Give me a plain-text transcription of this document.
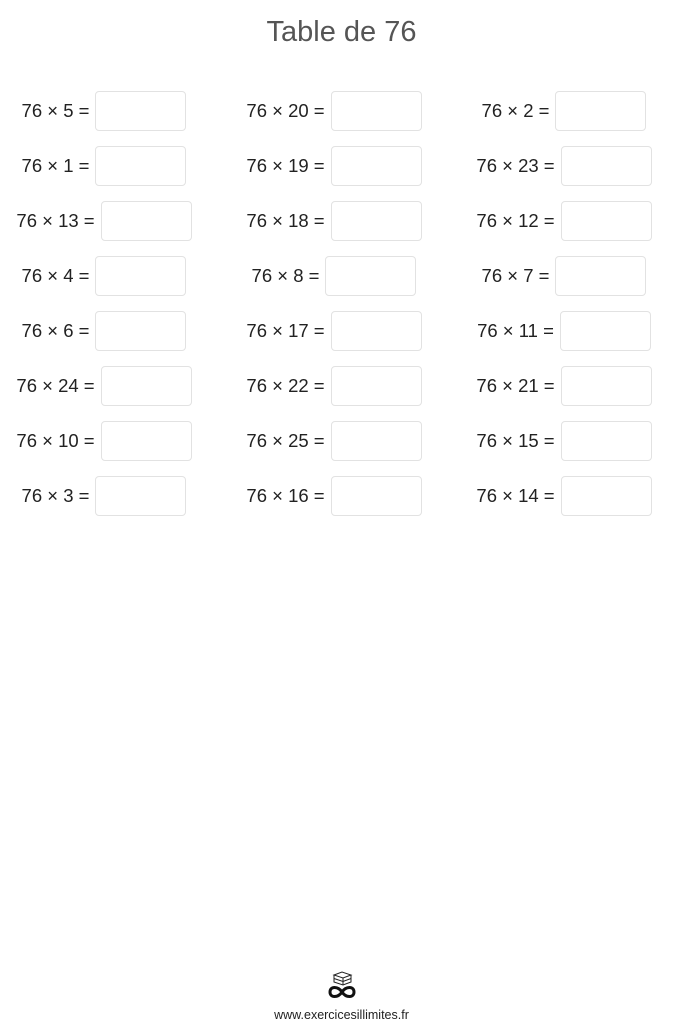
Table de 76
76 × 5 =	76 × 20 =	76 × 2 =
76 × 1 =	76 × 19 =	76 × 23 =
76 × 13 =	76 × 18 =	76 × 12 =
76 × 4 =	76 × 8 =	76 × 7 =
76 × 6 =	76 × 17 =	76 × 11 =
76 × 24 =	76 × 22 =	76 × 21 =
76 × 10 =	76 × 25 =	76 × 15 =
76 × 3 =	76 × 16 =	76 × 14 =
www.exercicesillimites.fr
